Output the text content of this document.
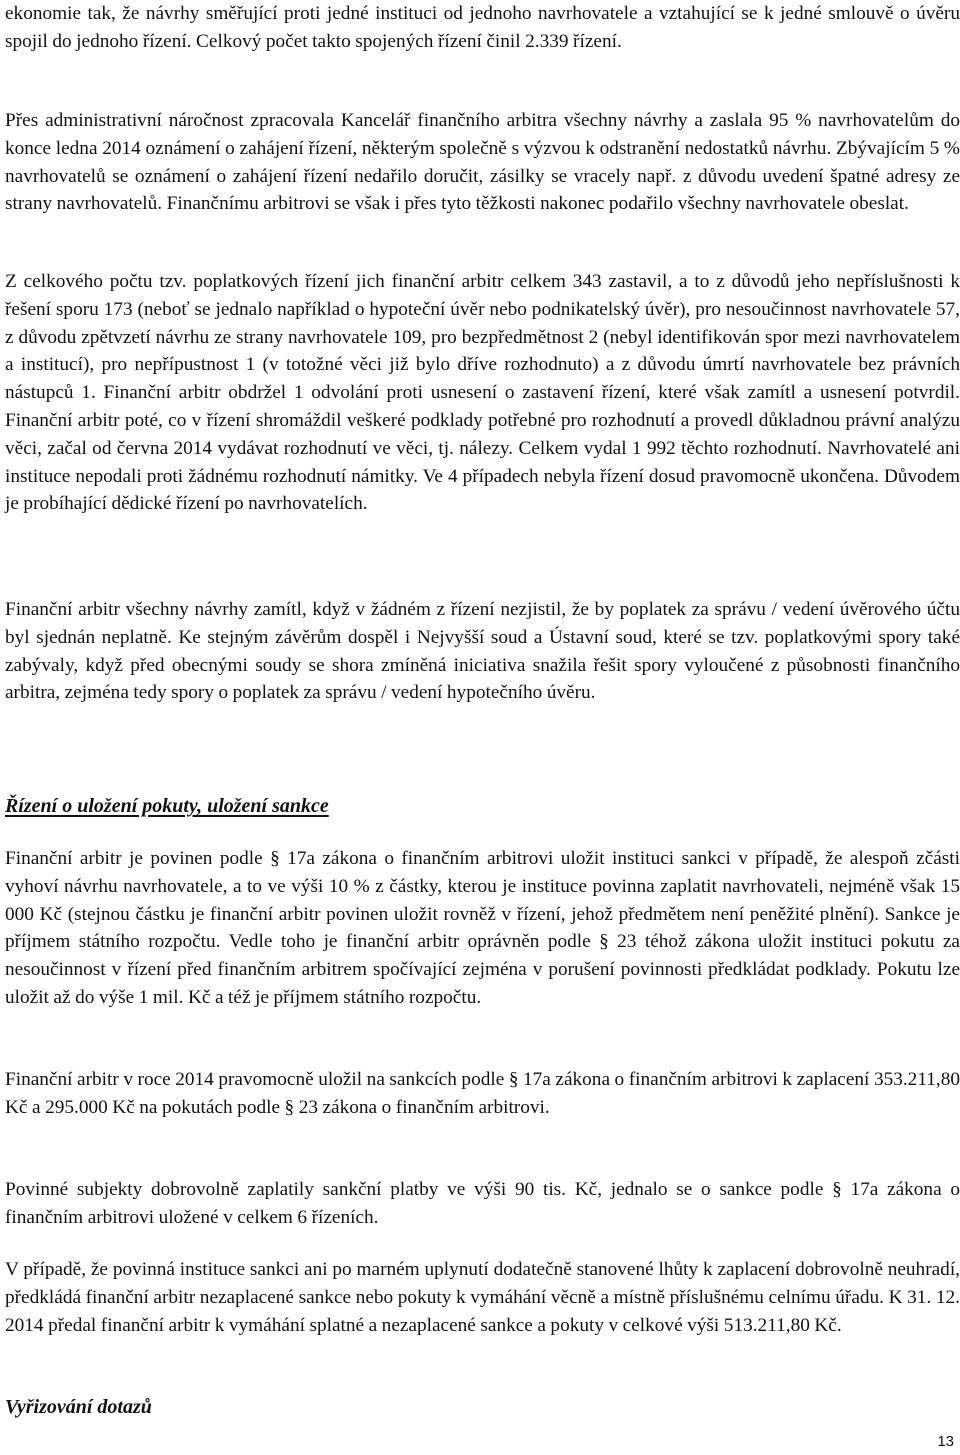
ekonomie tak, že návrhy směřující proti jedné instituci od jednoho navrhovatele a vztahující se k jedné smlouvě o úvěru spojil do jednoho řízení. Celkový počet takto spojených řízení činil 2.339 řízení.

Přes administrativní náročnost zpracovala Kancelář finančního arbitra všechny návrhy a zaslala 95 % navrhovatelům do konce ledna 2014 oznámení o zahájení řízení, některým společně s výzvou k odstranění nedostatků návrhu. Zbývajícím 5 % navrhovatelů se oznámení o zahájení řízení nedařilo doručit, zásilky se vracely např. z důvodu uvedení špatné adresy ze strany navrhovatelů. Finančnímu arbitrovi se však i přes tyto těžkosti nakonec podařilo všechny navrhovatele obeslat.

Z celkového počtu tzv. poplatkových řízení jich finanční arbitr celkem 343 zastavil, a to z důvodů jeho nepříslušnosti k řešení sporu 173 (neboť se jednalo například o hypoteční úvěr nebo podnikatelský úvěr), pro nesoučinnost navrhovatele 57, z důvodu zpětvzetí návrhu ze strany navrhovatele 109, pro bezpředmětnost 2 (nebyl identifikován spor mezi navrhovatelem a institucí), pro nepřípustnost 1 (v totožné věci již bylo dříve rozhodnuto) a z důvodu úmrtí navrhovatele bez právních nástupců 1. Finanční arbitr obdržel 1 odvolání proti usnesení o zastavení řízení, které však zamítl a usnesení potvrdil. Finanční arbitr poté, co v řízení shromáždil veškeré podklady potřebné pro rozhodnutí a provedl důkladnou právní analýzu věci, začal od června 2014 vydávat rozhodnutí ve věci, tj. nálezy. Celkem vydal 1 992 těchto rozhodnutí. Navrhovatelé ani instituce nepodali proti žádnému rozhodnutí námitky. Ve 4 případech nebyla řízení dosud pravomocně ukončena. Důvodem je probíhající dědické řízení po navrhovatelích.

Finanční arbitr všechny návrhy zamítl, když v žádném z řízení nezjistil, že by poplatek za správu / vedení úvěrového účtu byl sjednán neplatně. Ke stejným závěrům dospěl i Nejvyšší soud a Ústavní soud, které se tzv. poplatkovými spory také zabývaly, když před obecnými soudy se shora zmíněná iniciativa snažila řešit spory vyloučené z působnosti finančního arbitra, zejména tedy spory o poplatek za správu / vedení hypotečního úvěru.

Řízení o uložení pokuty, uložení sankce

Finanční arbitr je povinen podle § 17a zákona o finančním arbitrovi uložit instituci sankci v případě, že alespoň zčásti vyhoví návrhu navrhovatele, a to ve výši 10 % z částky, kterou je instituce povinna zaplatit navrhovateli, nejméně však 15 000 Kč (stejnou částku je finanční arbitr povinen uložit rovněž v řízení, jehož předmětem není peněžité plnění). Sankce je příjmem státního rozpočtu. Vedle toho je finanční arbitr oprávněn podle § 23 téhož zákona uložit instituci pokutu za nesoučinnost v řízení před finančním arbitrem spočívající zejména v porušení povinnosti předkládat podklady. Pokutu lze uložit až do výše 1 mil. Kč a též je příjmem státního rozpočtu.

Finanční arbitr v roce 2014 pravomocně uložil na sankcích podle § 17a zákona o finančním arbitrovi k zaplacení 353.211,80 Kč a 295.000 Kč na pokutách podle § 23 zákona o finančním arbitrovi.

Povinné subjekty dobrovolně zaplatily sankční platby ve výši 90 tis. Kč, jednalo se o sankce podle § 17a zákona o finančním arbitrovi uložené v celkem 6 řízeních.

V případě, že povinná instituce sankci ani po marném uplynutí dodatečně stanovené lhůty k zaplacení dobrovolně neuhradí, předkládá finanční arbitr nezaplacené sankce nebo pokuty k vymáhání věcně a místně příslušnému celnímu úřadu. K 31. 12. 2014 předal finanční arbitr k vymáhání splatné a nezaplacené sankce a pokuty v celkové výši 513.211,80 Kč.

Vyřizování dotazů
13
